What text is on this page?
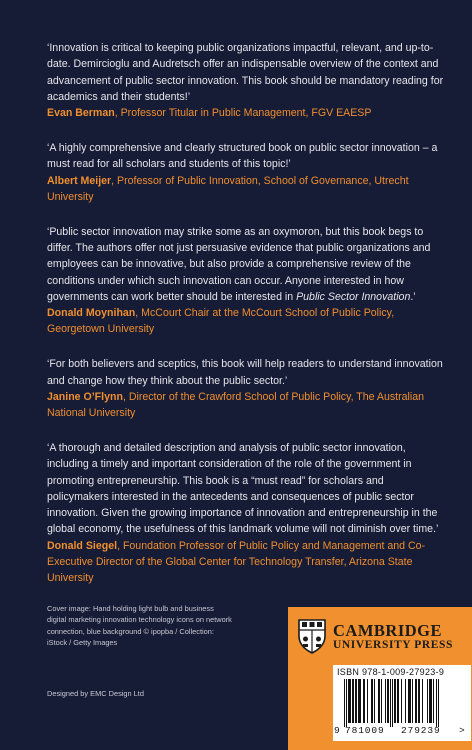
‘Innovation is critical to keeping public organizations impactful, relevant, and up-to-date. Demircioglu and Audretsch offer an indispensable overview of the context and advancement of public sector innovation. This book should be mandatory reading for academics and their students!’

Evan Berman, Professor Titular in Public Management, FGV EAESP

‘A highly comprehensive and clearly structured book on public sector innovation – a must read for all scholars and students of this topic!’

Albert Meijer, Professor of Public Innovation, School of Governance, Utrecht University

‘Public sector innovation may strike some as an oxymoron, but this book begs to differ. The authors offer not just persuasive evidence that public organizations and employees can be innovative, but also provide a comprehensive review of the conditions under which such innovation can occur. Anyone interested in how governments can work better should be interested in Public Sector Innovation.’

Donald Moynihan, McCourt Chair at the McCourt School of Public Policy, Georgetown University

‘For both believers and sceptics, this book will help readers to understand innovation and change how they think about the public sector.’

Janine O’Flynn, Director of the Crawford School of Public Policy, The Australian National University

‘A thorough and detailed description and analysis of public sector innovation, including a timely and important consideration of the role of the government in promoting entrepreneurship. This book is a “must read” for scholars and policymakers interested in the antecedents and consequences of public sector innovation. Given the growing importance of innovation and entrepreneurship in the global economy, the usefulness of this landmark volume will not diminish over time.’

Donald Siegel, Foundation Professor of Public Policy and Management and Co-Executive Director of the Global Center for Technology Transfer, Arizona State University

Cover image: Hand holding light bulb and business digital marketing innovation technology icons on network connection, blue background © ipopba / Collection: iStock / Getty Images

Designed by EMC Design Ltd

CAMBRIDGE
UNIVERSITY PRESS
ISBN 978-1-009-27923-9
9 781009 279239 >
